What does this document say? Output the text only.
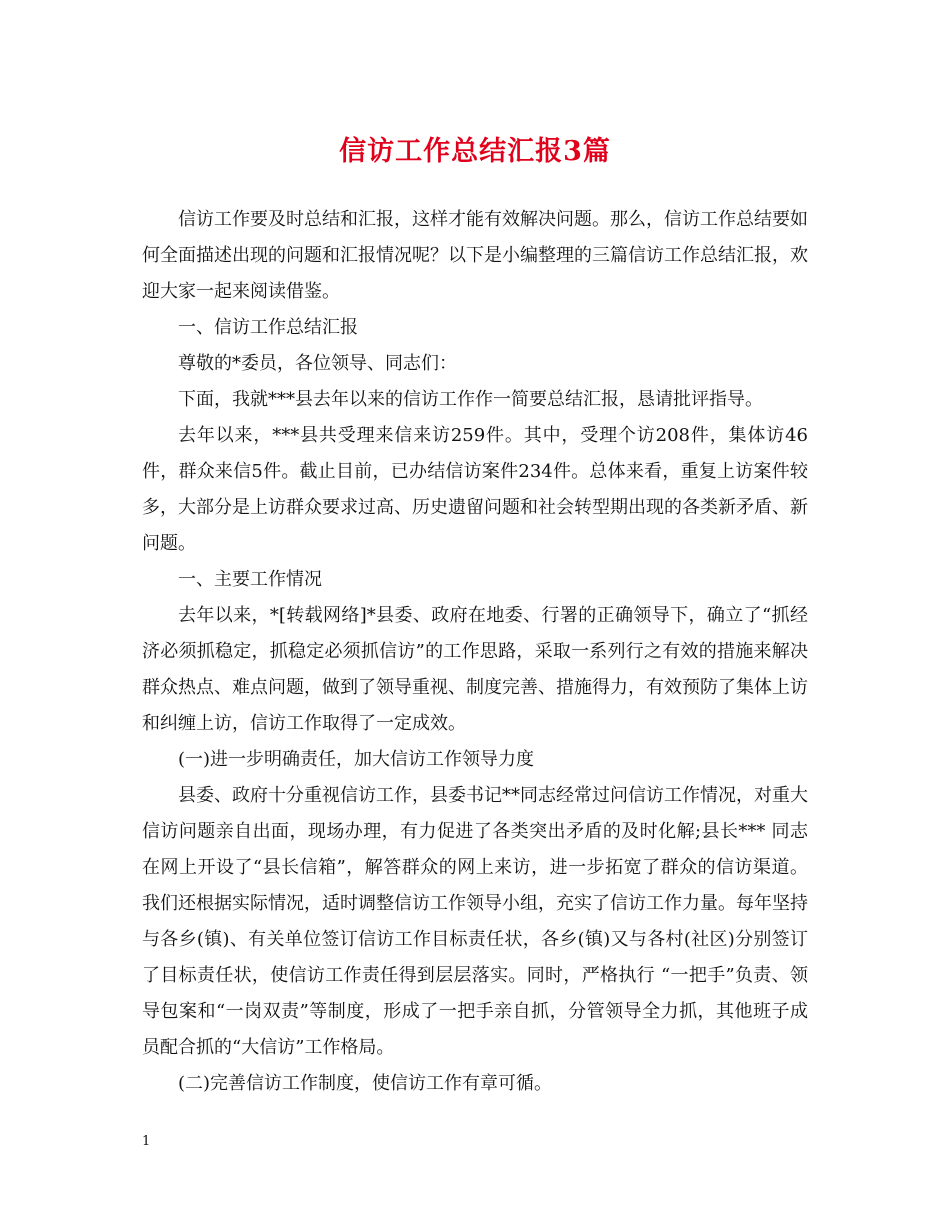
信访工作总结汇报3篇

信访工作要及时总结和汇报，这样才能有效解决问题。那么，信访工作总结要如何全面描述出现的问题和汇报情况呢？以下是小编整理的三篇信访工作总结汇报，欢迎大家一起来阅读借鉴。

一、信访工作总结汇报

尊敬的*委员，各位领导、同志们：

下面，我就***县去年以来的信访工作作一简要总结汇报，恳请批评指导。

去年以来，***县共受理来信来访259件。其中，受理个访208件，集体访46件，群众来信5件。截止目前，已办结信访案件234件。总体来看，重复上访案件较多，大部分是上访群众要求过高、历史遗留问题和社会转型期出现的各类新矛盾、新问题。

一、主要工作情况

去年以来，*[转载网络]*县委、政府在地委、行署的正确领导下，确立了“抓经济必须抓稳定，抓稳定必须抓信访”的工作思路，采取一系列行之有效的措施来解决群众热点、难点问题，做到了领导重视、制度完善、措施得力，有效预防了集体上访和纠缠上访，信访工作取得了一定成效。

(一)进一步明确责任，加大信访工作领导力度

县委、政府十分重视信访工作，县委书记**同志经常过问信访工作情况，对重大信访问题亲自出面，现场办理，有力促进了各类突出矛盾的及时化解;县长*** 同志在网上开设了“县长信箱”，解答群众的网上来访，进一步拓宽了群众的信访渠道。我们还根据实际情况，适时调整信访工作领导小组，充实了信访工作力量。每年坚持与各乡(镇)、有关单位签订信访工作目标责任状，各乡(镇)又与各村(社区)分别签订了目标责任状，使信访工作责任得到层层落实。同时，严格执行 “一把手”负责、领导包案和“一岗双责”等制度，形成了一把手亲自抓，分管领导全力抓，其他班子成员配合抓的“大信访”工作格局。

(二)完善信访工作制度，使信访工作有章可循。

1
